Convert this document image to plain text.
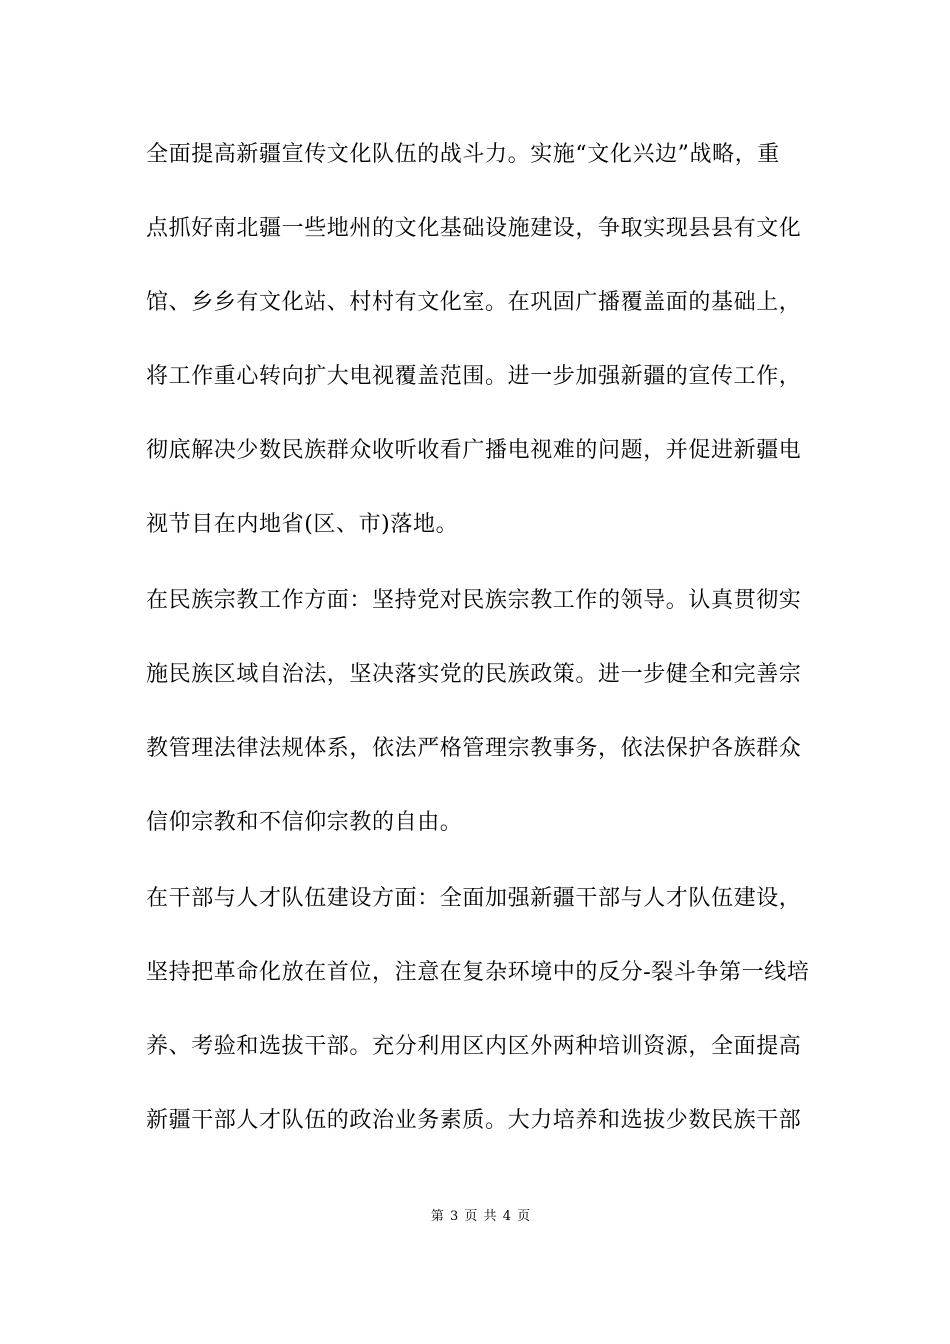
全面提高新疆宣传文化队伍的战斗力。实施“文化兴边”战略，重
点抓好南北疆一些地州的文化基础设施建设，争取实现县县有文化
馆、乡乡有文化站、村村有文化室。在巩固广播覆盖面的基础上，
将工作重心转向扩大电视覆盖范围。进一步加强新疆的宣传工作，
彻底解决少数民族群众收听收看广播电视难的问题，并促进新疆电
视节目在内地省(区、市)落地。
在民族宗教工作方面：坚持党对民族宗教工作的领导。认真贯彻实
施民族区域自治法，坚决落实党的民族政策。进一步健全和完善宗
教管理法律法规体系，依法严格管理宗教事务，依法保护各族群众
信仰宗教和不信仰宗教的自由。
在干部与人才队伍建设方面：全面加强新疆干部与人才队伍建设，
坚持把革命化放在首位，注意在复杂环境中的反分-裂斗争第一线培
养、考验和选拔干部。充分利用区内区外两种培训资源，全面提高
新疆干部人才队伍的政治业务素质。大力培养和选拔少数民族干部
第 3 页 共 4 页
